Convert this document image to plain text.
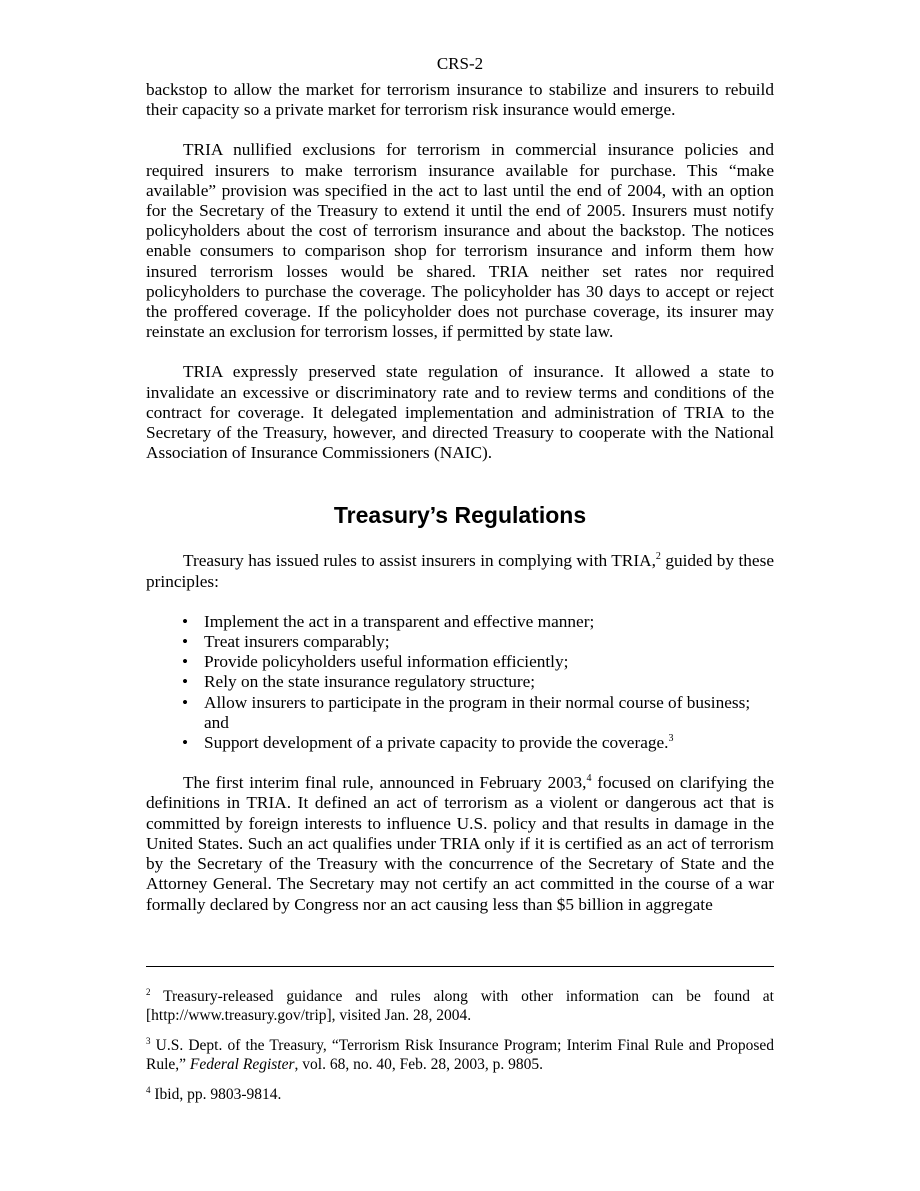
CRS-2

backstop to allow the market for terrorism insurance to stabilize and insurers to rebuild their capacity so a private market for terrorism risk insurance would emerge.

TRIA nullified exclusions for terrorism in commercial insurance policies and required insurers to make terrorism insurance available for purchase. This “make available” provision was specified in the act to last until the end of 2004, with an option for the Secretary of the Treasury to extend it until the end of 2005. Insurers must notify policyholders about the cost of terrorism insurance and about the backstop. The notices enable consumers to comparison shop for terrorism insurance and inform them how insured terrorism losses would be shared. TRIA neither set rates nor required policyholders to purchase the coverage. The policyholder has 30 days to accept or reject the proffered coverage. If the policyholder does not purchase coverage, its insurer may reinstate an exclusion for terrorism losses, if permitted by state law.

TRIA expressly preserved state regulation of insurance. It allowed a state to invalidate an excessive or discriminatory rate and to review terms and conditions of the contract for coverage. It delegated implementation and administration of TRIA to the Secretary of the Treasury, however, and directed Treasury to cooperate with the National Association of Insurance Commissioners (NAIC).

Treasury’s Regulations

Treasury has issued rules to assist insurers in complying with TRIA,$^2$ guided by these principles:

• Implement the act in a transparent and effective manner;
• Treat insurers comparably;
• Provide policyholders useful information efficiently;
• Rely on the state insurance regulatory structure;
• Allow insurers to participate in the program in their normal course of business; and
• Support development of a private capacity to provide the coverage.$^3$

The first interim final rule, announced in February 2003,$^4$ focused on clarifying the definitions in TRIA. It defined an act of terrorism as a violent or dangerous act that is committed by foreign interests to influence U.S. policy and that results in damage in the United States. Such an act qualifies under TRIA only if it is certified as an act of terrorism by the Secretary of the Treasury with the concurrence of the Secretary of State and the Attorney General. The Secretary may not certify an act committed in the course of a war formally declared by Congress nor an act causing less than $5 billion in aggregate

$^2$ Treasury-released guidance and rules along with other information can be found at [http://www.treasury.gov/trip], visited Jan. 28, 2004.

$^3$ U.S. Dept. of the Treasury, “Terrorism Risk Insurance Program; Interim Final Rule and Proposed Rule,” Federal Register, vol. 68, no. 40, Feb. 28, 2003, p. 9805.

$^4$ Ibid, pp. 9803-9814.
